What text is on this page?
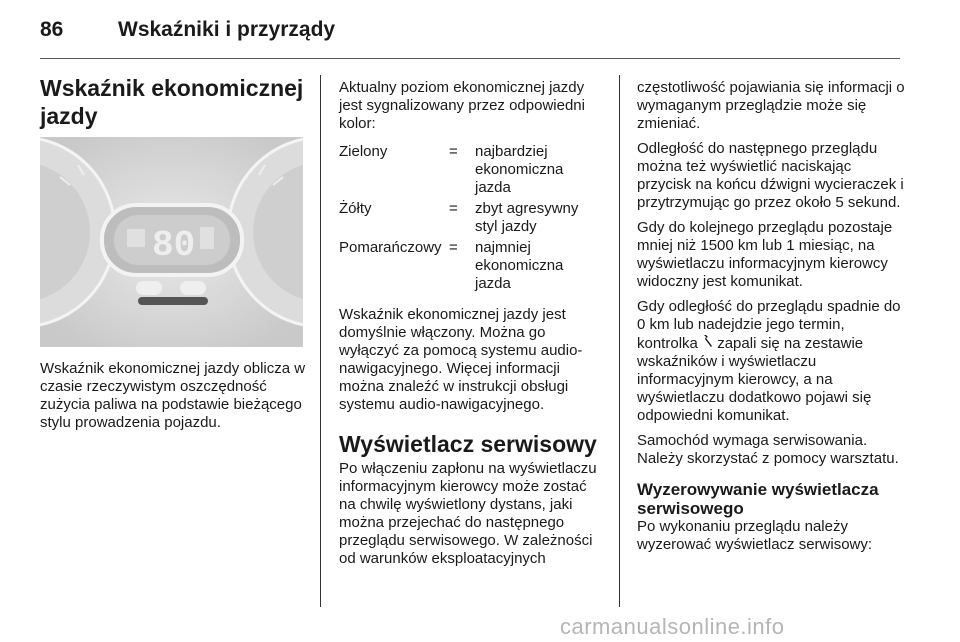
86	Wskaźniki i przyrządy
Wskaźnik ekonomicznej jazdy
80

Wskaźnik ekonomicznej jazdy oblicza w czasie rzeczywistym oszczędność zużycia paliwa na podstawie bieżącego stylu prowadzenia pojazdu.

Aktualny poziom ekonomicznej jazdy jest sygnalizowany przez odpowiedni kolor:

Zielony	=	najbardziej ekonomiczna jazda
Żółty	=	zbyt agresywny styl jazdy
Pomarańczowy	=	najmniej ekonomiczna jazda

Wskaźnik ekonomicznej jazdy jest domyślnie włączony. Można go wyłączyć za pomocą systemu audio-nawigacyjnego. Więcej informacji można znaleźć w instrukcji obsługi systemu audio-nawigacyjnego.

Wyświetlacz serwisowy

Po włączeniu zapłonu na wyświetlaczu informacyjnym kierowcy może zostać na chwilę wyświetlony dystans, jaki można przejechać do następnego przeglądu serwisowego. W zależności od warunków eksploatacyjnych

częstotliwość pojawiania się informacji o wymaganym przeglądzie może się zmieniać.

Odległość do następnego przeglądu można też wyświetlić naciskając przycisk na końcu dźwigni wycieraczek i przytrzymując go przez około 5 sekund.

Gdy do kolejnego przeglądu pozostaje mniej niż 1500 km lub 1 miesiąc, na wyświetlaczu informacyjnym kierowcy widoczny jest komunikat.

Gdy odległość do przeglądu spadnie do 0 km lub nadejdzie jego termin, kontrolka zapali się na zestawie wskaźników i wyświetlaczu informacyjnym kierowcy, a na wyświetlaczu dodatkowo pojawi się odpowiedni komunikat.

Samochód wymaga serwisowania. Należy skorzystać z pomocy warsztatu.

Wyzerowywanie wyświetlacza serwisowego

Po wykonaniu przeglądu należy wyzerować wyświetlacz serwisowy:

carmanualsonline.info
